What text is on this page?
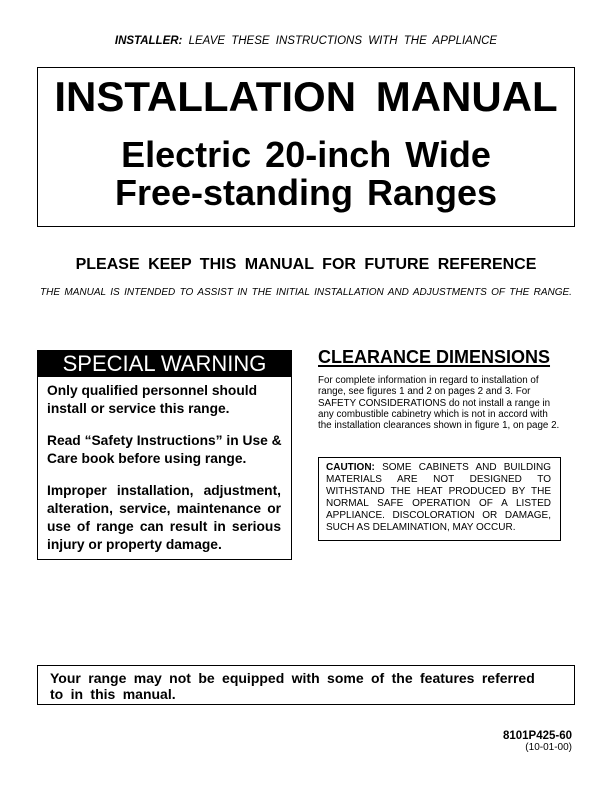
INSTALLER: LEAVE THESE INSTRUCTIONS WITH THE APPLIANCE
INSTALLATION MANUAL
Electric 20-inch Wide
Free-standing Ranges
PLEASE KEEP THIS MANUAL FOR FUTURE REFERENCE
THE MANUAL IS INTENDED TO ASSIST IN THE INITIAL INSTALLATION AND ADJUSTMENTS OF THE RANGE.
SPECIAL WARNING
Only qualified personnel should
install or service this range.
Read “Safety Instructions” in Use &
Care book before using range.
Improper installation, adjustment,
alteration, service, maintenance or
use of range can result in serious
injury or property damage.
CLEARANCE DIMENSIONS
For complete information in regard to installation of
range, see figures 1 and 2 on pages 2 and 3. For
SAFETY CONSIDERATIONS do not install a range in
any combustible cabinetry which is not in accord with
the installation clearances shown in figure 1, on page 2.
CAUTION: SOME CABINETS AND BUILDING
MATERIALS ARE NOT DESIGNED TO
WITHSTAND THE HEAT PRODUCED BY THE
NORMAL SAFE OPERATION OF A LISTED
APPLIANCE. DISCOLORATION OR DAMAGE,
SUCH AS DELAMINATION, MAY OCCUR.
Your range may not be equipped with some of the features referred
to in this manual.
8101P425-60
(10-01-00)
